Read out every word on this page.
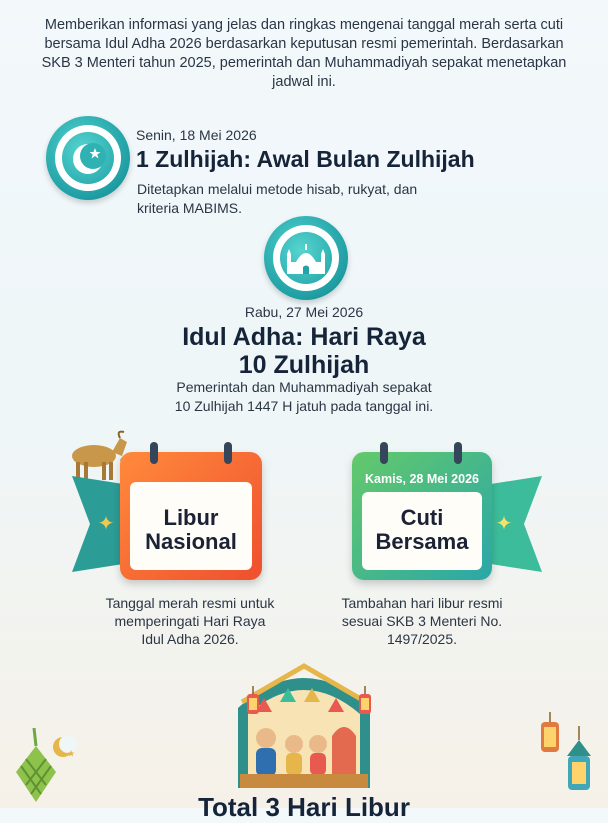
Memberikan informasi yang jelas dan ringkas mengenai tanggal merah serta cuti bersama Idul Adha 2026 berdasarkan keputusan resmi pemerintah. Berdasarkan SKB 3 Menteri tahun 2025, pemerintah dan Muhammadiyah sepakat menetapkan jadwal ini.
Senin, 18 Mei 2026
1 Zulhijah: Awal Bulan Zulhijah
Ditetapkan melalui metode hisab, rukyat, dan
kriteria MABIMS.
Rabu, 27 Mei 2026
Idul Adha: Hari Raya
10 Zulhijah
Pemerintah dan Muhammadiyah sepakat
10 Zulhijah 1447 H jatuh pada tanggal ini.
✦	Libur
Nasional
✦
Kamis, 28 Mei 2026
Cuti
Bersama
Tanggal merah resmi untuk
memperingati Hari Raya
Idul Adha 2026.
Tambahan hari libur resmi
sesuai SKB 3 Menteri No.
1497/2025.
Total 3 Hari Libur
